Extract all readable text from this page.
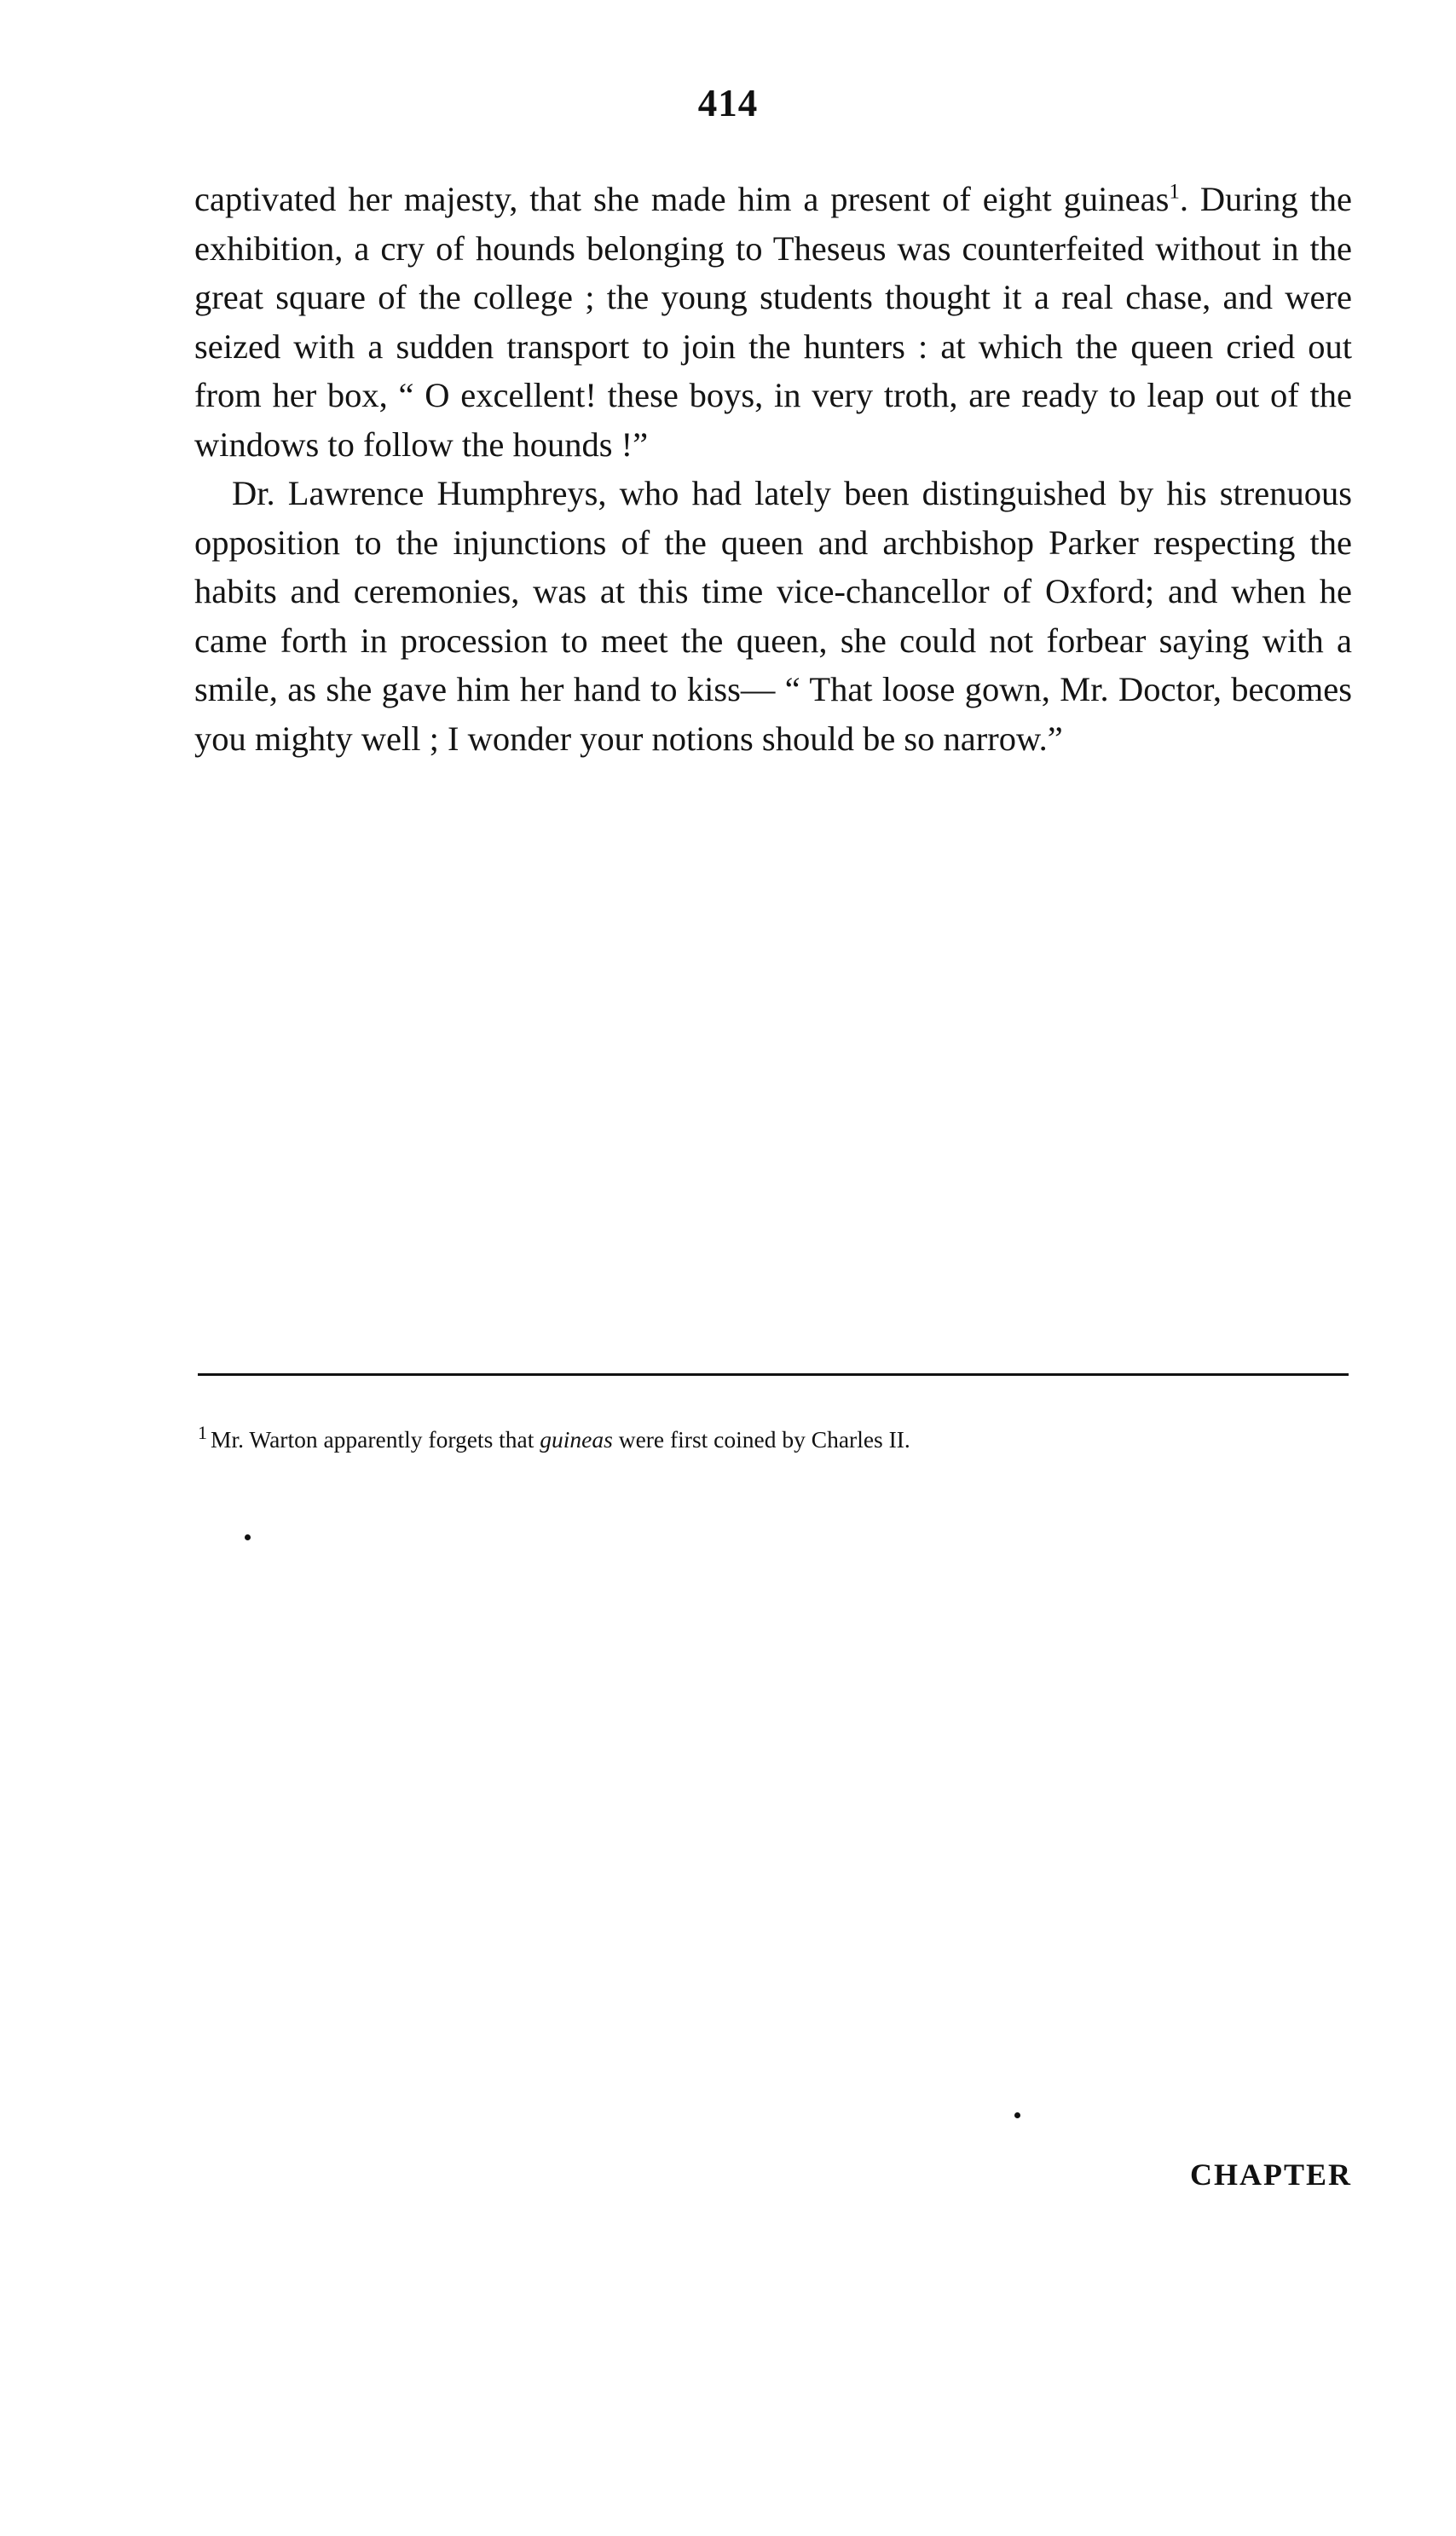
414

captivated her majesty, that she made him a present of eight guineas$^1$. During the exhibition, a cry of hounds belonging to Theseus was counterfeited without in the great square of the college ; the young students thought it a real chase, and were seized with a sudden transport to join the hunters : at which the queen cried out from her box, “ O excellent! these boys, in very troth, are ready to leap out of the windows to follow the hounds !”

Dr. Lawrence Humphreys, who had lately been distinguished by his strenuous opposition to the injunctions of the queen and archbishop Parker respecting the habits and ceremonies, was at this time vice-chancellor of Oxford; and when he came forth in procession to meet the queen, she could not forbear saying with a smile, as she gave him her hand to kiss— “ That loose gown, Mr. Doctor, becomes you mighty well ; I wonder your notions should be so narrow.”

$^1$ Mr. Warton apparently forgets that guineas were first coined by Charles II.
CHAPTER
